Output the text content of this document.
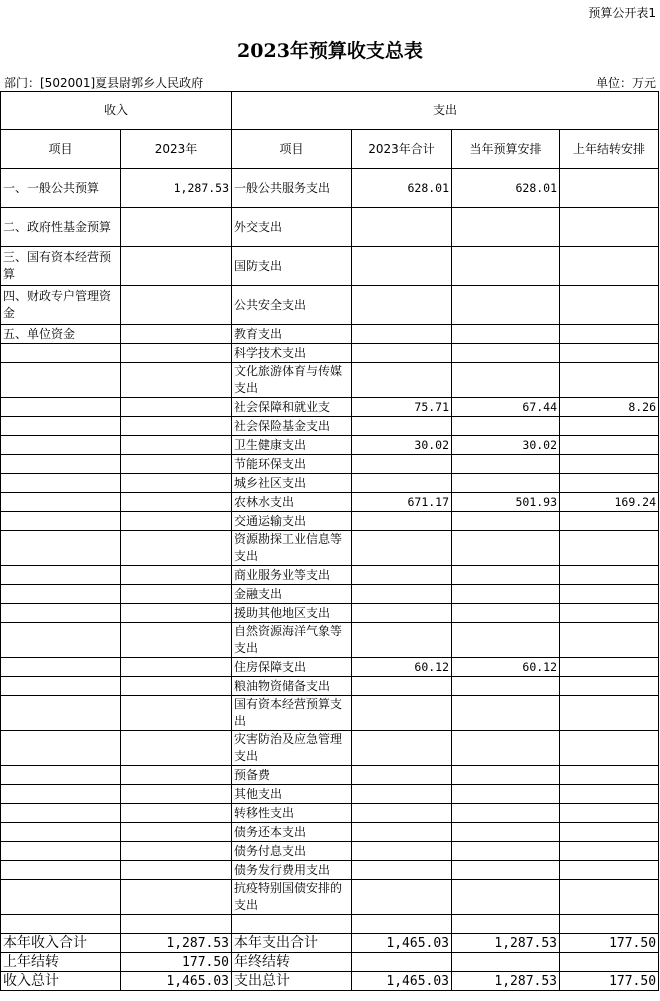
预算公开表1
2023年预算收支总表
部门：[502001]夏县尉郭乡人民政府	单位：万元
收入		支出			
项目	2023年	项目	2023年合计	当年预算安排	上年结转安排
一、一般公共预算	1,287.53	一般公共服务支出	628.01	628.01	
二、政府性基金预算		外交支出			
三、国有资本经营预算		国防支出			
四、财政专户管理资金		公共安全支出			
五、单位资金		教育支出			
		科学技术支出			
		文化旅游体育与传媒支出			
		社会保障和就业支	75.71	67.44	8.26
		社会保险基金支出			
		卫生健康支出	30.02	30.02	
		节能环保支出			
		城乡社区支出			
		农林水支出	671.17	501.93	169.24
		交通运输支出			
		资源勘探工业信息等支出			
		商业服务业等支出			
		金融支出			
		援助其他地区支出			
		自然资源海洋气象等支出			
		住房保障支出	60.12	60.12	
		粮油物资储备支出			
		国有资本经营预算支出			
		灾害防治及应急管理支出			
		预备费			
		其他支出			
		转移性支出			
		债务还本支出			
		债务付息支出			
		债务发行费用支出			
		抗疫特别国债安排的支出			

本年收入合计	1,287.53	本年支出合计	1,465.03	1,287.53	177.50
上年结转	177.50	年终结转			
收入总计	1,465.03	支出总计	1,465.03	1,287.53	177.50
